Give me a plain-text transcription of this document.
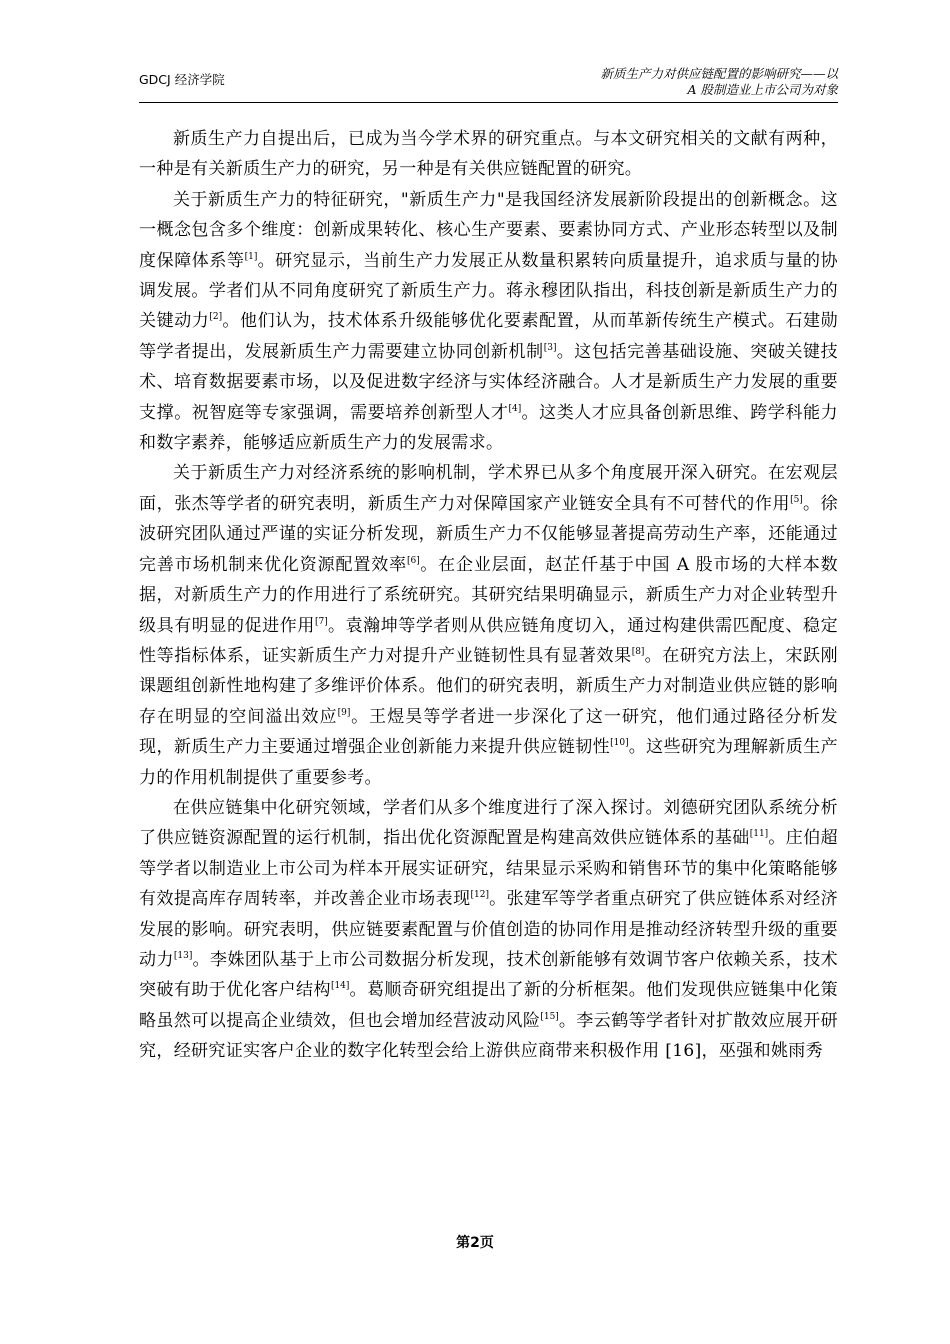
GDCJ 经济学院	新质生产力对供应链配置的影响研究——以
A 股制造业上市公司为对象

新质生产力自提出后，已成为当今学术界的研究重点。与本文研究相关的文献有两种，一种是有关新质生产力的研究，另一种是有关供应链配置的研究。

关于新质生产力的特征研究，"新质生产力"是我国经济发展新阶段提出的创新概念。这一概念包含多个维度：创新成果转化、核心生产要素、要素协同方式、产业形态转型以及制度保障体系等[1]。研究显示，当前生产力发展正从数量积累转向质量提升，追求质与量的协调发展。学者们从不同角度研究了新质生产力。蒋永穆团队指出，科技创新是新质生产力的关键动力[2]。他们认为，技术体系升级能够优化要素配置，从而革新传统生产模式。石建勋等学者提出，发展新质生产力需要建立协同创新机制[3]。这包括完善基础设施、突破关键技术、培育数据要素市场，以及促进数字经济与实体经济融合。人才是新质生产力发展的重要支撑。祝智庭等专家强调，需要培养创新型人才[4]。这类人才应具备创新思维、跨学科能力和数字素养，能够适应新质生产力的发展需求。

关于新质生产力对经济系统的影响机制，学术界已从多个角度展开深入研究。在宏观层面，张杰等学者的研究表明，新质生产力对保障国家产业链安全具有不可替代的作用[5]。徐波研究团队通过严谨的实证分析发现，新质生产力不仅能够显著提高劳动生产率，还能通过完善市场机制来优化资源配置效率[6]。在企业层面，赵芷仟基于中国 A 股市场的大样本数据，对新质生产力的作用进行了系统研究。其研究结果明确显示，新质生产力对企业转型升级具有明显的促进作用[7]。袁瀚坤等学者则从供应链角度切入，通过构建供需匹配度、稳定性等指标体系，证实新质生产力对提升产业链韧性具有显著效果[8]。在研究方法上，宋跃刚课题组创新性地构建了多维评价体系。他们的研究表明，新质生产力对制造业供应链的影响存在明显的空间溢出效应[9]。王煜昊等学者进一步深化了这一研究，他们通过路径分析发现，新质生产力主要通过增强企业创新能力来提升供应链韧性[10]。这些研究为理解新质生产力的作用机制提供了重要参考。

在供应链集中化研究领域，学者们从多个维度进行了深入探讨。刘德研究团队系统分析了供应链资源配置的运行机制，指出优化资源配置是构建高效供应链体系的基础[11]。庄伯超等学者以制造业上市公司为样本开展实证研究，结果显示采购和销售环节的集中化策略能够有效提高库存周转率，并改善企业市场表现[12]。张建军等学者重点研究了供应链体系对经济发展的影响。研究表明，供应链要素配置与价值创造的协同作用是推动经济转型升级的重要动力[13]。李姝团队基于上市公司数据分析发现，技术创新能够有效调节客户依赖关系，技术突破有助于优化客户结构[14]。葛顺奇研究组提出了新的分析框架。他们发现供应链集中化策略虽然可以提高企业绩效，但也会增加经营波动风险[15]。李云鹤等学者针对扩散效应展开研究，经研究证实客户企业的数字化转型会给上游供应商带来积极作用 [16]，巫强和姚雨秀

第2页
